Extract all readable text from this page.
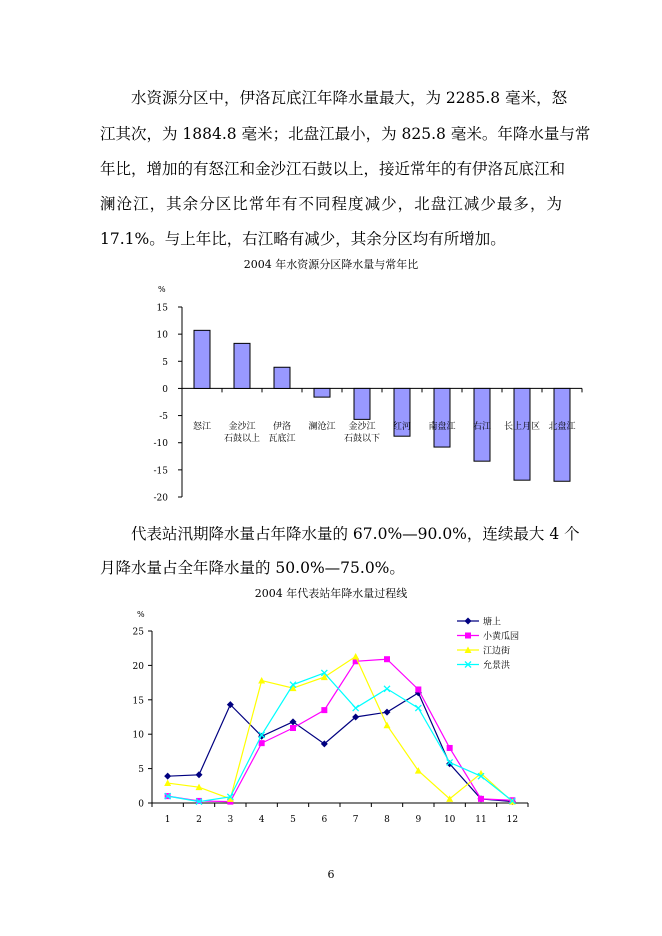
　　水资源分区中，伊洛瓦底江年降水量最大，为 2285.8 毫米，怒
江其次，为 1884.8 毫米；北盘江最小，为 825.8 毫米。年降水量与常
年比，增加的有怒江和金沙江石鼓以上，接近常年的有伊洛瓦底江和
澜沧江，其余分区比常年有不同程度减少，北盘江减少最多，为
17.1%。与上年比，右江略有减少，其余分区均有所增加。
2004 年水资源分区降水量与常年比
%
15
10
5
0
-5
-10
-15
-20
怒江 金沙江
石鼓以上
伊洛
瓦底江
澜沧江 金沙江
石鼓以下
红河 南盘江 右江 长上月区 北盘江
　　代表站汛期降水量占年降水量的 67.0%—90.0%，连续最大 4 个
月降水量占全年降水量的 50.0%—75.0%。
2004 年代表站年降水量过程线
%
25
20
15
10
5
0
1	2	3	4	5	6	7	8	9	10 11 12
塘上
小黄瓜园
江边街
允景洪
6
